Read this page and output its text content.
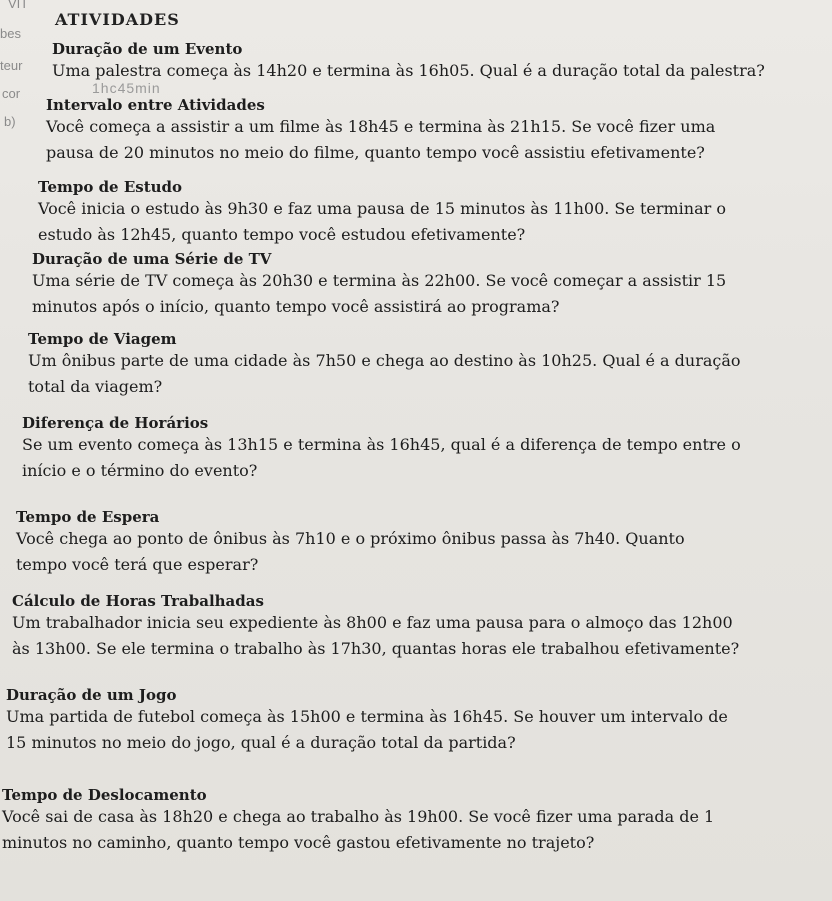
VIT
bes
teur
cor
b)
ATIVIDADES
1hc45min
Duração de um Evento
Uma palestra começa às 14h20 e termina às 16h05. Qual é a duração total da palestra?
Intervalo entre Atividades
Você começa a assistir a um filme às 18h45 e termina às 21h15. Se você fizer uma
pausa de 20 minutos no meio do filme, quanto tempo você assistiu efetivamente?
Tempo de Estudo
Você inicia o estudo às 9h30 e faz uma pausa de 15 minutos às 11h00. Se terminar o
estudo às 12h45, quanto tempo você estudou efetivamente?
Duração de uma Série de TV
Uma série de TV começa às 20h30 e termina às 22h00. Se você começar a assistir 15
minutos após o início, quanto tempo você assistirá ao programa?
Tempo de Viagem
Um ônibus parte de uma cidade às 7h50 e chega ao destino às 10h25. Qual é a duração
total da viagem?
Diferença de Horários
Se um evento começa às 13h15 e termina às 16h45, qual é a diferença de tempo entre o
início e o término do evento?
Tempo de Espera
Você chega ao ponto de ônibus às 7h10 e o próximo ônibus passa às 7h40. Quanto
tempo você terá que esperar?
Cálculo de Horas Trabalhadas
Um trabalhador inicia seu expediente às 8h00 e faz uma pausa para o almoço das 12h00
às 13h00. Se ele termina o trabalho às 17h30, quantas horas ele trabalhou efetivamente?
Duração de um Jogo
Uma partida de futebol começa às 15h00 e termina às 16h45. Se houver um intervalo de
15 minutos no meio do jogo, qual é a duração total da partida?
Tempo de Deslocamento
Você sai de casa às 18h20 e chega ao trabalho às 19h00. Se você fizer uma parada de 1
minutos no caminho, quanto tempo você gastou efetivamente no trajeto?
